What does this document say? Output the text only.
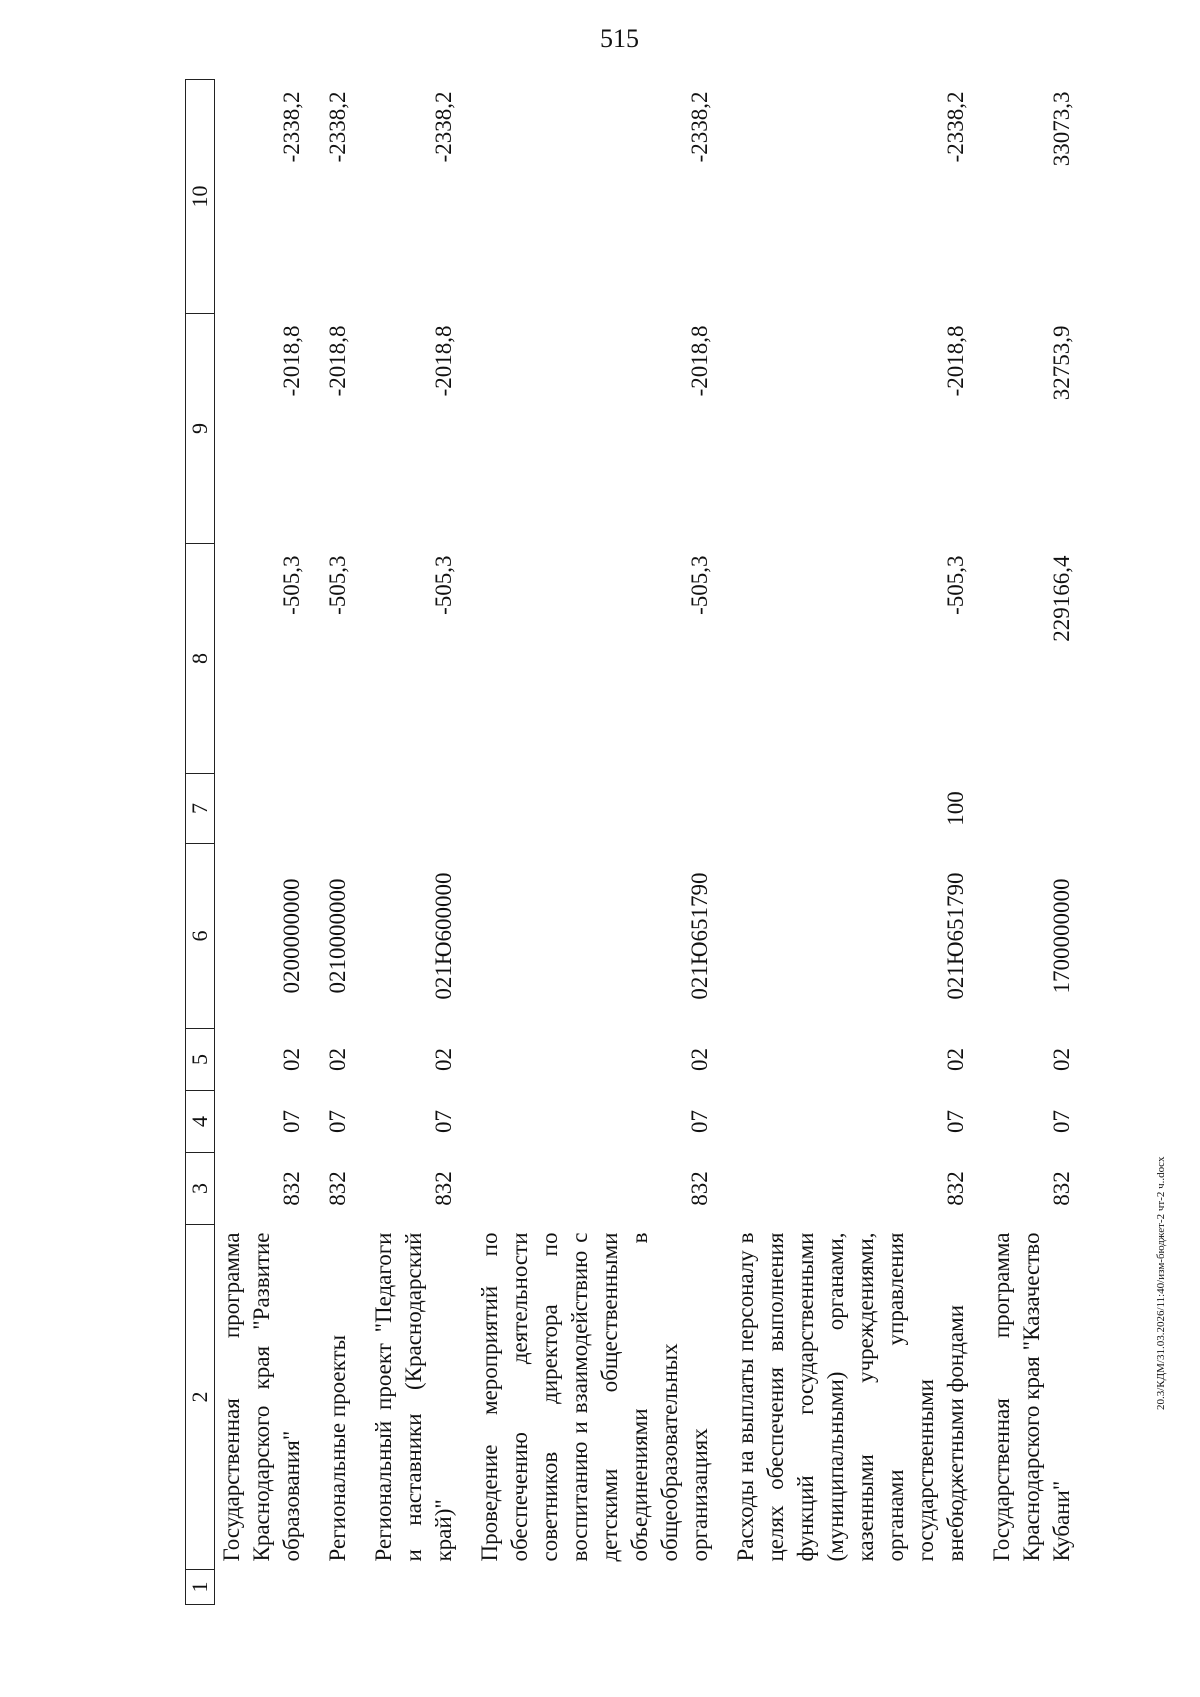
515
1	2	3	4	5	6	7	8	9	10
	Государственная программа Краснодарского края "Развитие образования"	832	07	02	0200000000		-505,3	-2018,8	-2338,2
	Региональные проекты	832	07	02	0210000000		-505,3	-2018,8	-2338,2
	Региональный проект "Педагоги и наставники (Краснодарский край)"	832	07	02	021Ю600000		-505,3	-2018,8	-2338,2
	Проведение мероприятий по обеспечению деятельности советников директора по воспитанию и взаимодействию с детскими общественными объединениями в общеобразовательных организациях	832	07	02	021Ю651790		-505,3	-2018,8	-2338,2
	Расходы на выплаты персоналу в целях обеспечения выполнения функций государственными (муниципальными) органами, казенными учреждениями, органами управления государственными внебюджетными фондами	832	07	02	021Ю651790	100	-505,3	-2018,8	-2338,2
	Государственная программа Краснодарского края "Казачество Кубани"	832	07	02	1700000000		229166,4	32753,9	33073,3
20.3/КДМ/31.03.2026/11:40/изм-бюджет-2 чт-2 ч..docx
